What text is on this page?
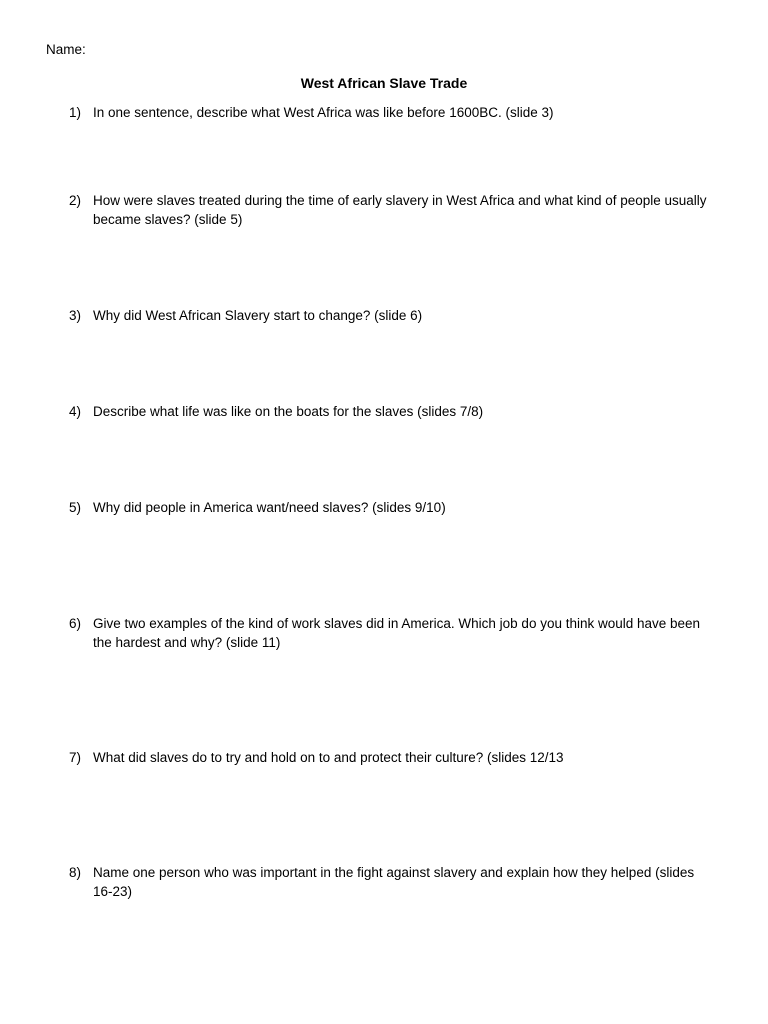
Name:
West African Slave Trade
1) In one sentence, describe what West Africa was like before 1600BC. (slide 3)
2) How were slaves treated during the time of early slavery in West Africa and what kind of people usually became slaves? (slide 5)
3) Why did West African Slavery start to change? (slide 6)
4) Describe what life was like on the boats for the slaves (slides 7/8)
5) Why did people in America want/need slaves? (slides 9/10)
6) Give two examples of the kind of work slaves did in America. Which job do you think would have been the hardest and why? (slide 11)
7) What did slaves do to try and hold on to and protect their culture? (slides 12/13
8) Name one person who was important in the fight against slavery and explain how they helped (slides 16-23)
